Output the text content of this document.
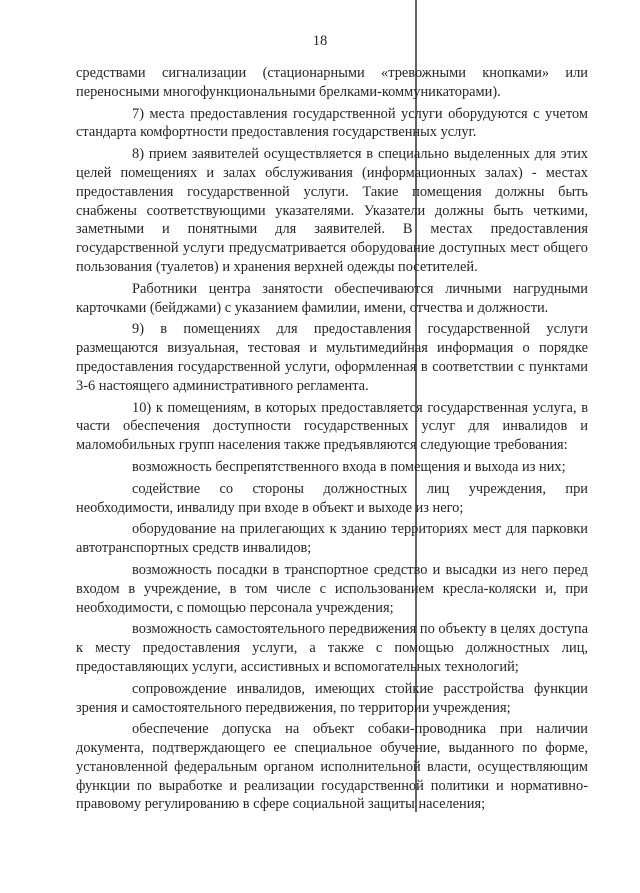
18

средствами сигнализации (стационарными «тревожными кнопками» или переносными многофункциональными брелками-коммуникаторами).

7) места предоставления государственной услуги оборудуются с учетом стандарта комфортности предоставления государственных услуг.

8) прием заявителей осуществляется в специально выделенных для этих целей помещениях и залах обслуживания (информационных залах) - местах предоставления государственной услуги. Такие помещения должны быть снабжены соответствующими указателями. Указатели должны быть четкими, заметными и понятными для заявителей. В местах предоставления государственной услуги предусматривается оборудование доступных мест общего пользования (туалетов) и хранения верхней одежды посетителей.

Работники центра занятости обеспечиваются личными нагрудными карточками (бейджами) с указанием фамилии, имени, отчества и должности.

9) в помещениях для предоставления государственной услуги размещаются визуальная, тестовая и мультимедийная информация о порядке предоставления государственной услуги, оформленная в соответствии с пунктами 3-6 настоящего административного регламента.

10) к помещениям, в которых предоставляется государственная услуга, в части обеспечения доступности государственных услуг для инвалидов и маломобильных групп населения также предъявляются следующие требования:

возможность беспрепятственного входа в помещения и выхода из них;

содействие со стороны должностных лиц учреждения, при необходимости, инвалиду при входе в объект и выходе из него;

оборудование на прилегающих к зданию территориях мест для парковки автотранспортных средств инвалидов;

возможность посадки в транспортное средство и высадки из него перед входом в учреждение, в том числе с использованием кресла-коляски и, при необходимости, с помощью персонала учреждения;

возможность самостоятельного передвижения по объекту в целях доступа к месту предоставления услуги, а также с помощью должностных лиц, предоставляющих услуги, ассистивных и вспомогательных технологий;

сопровождение инвалидов, имеющих стойкие расстройства функции зрения и самостоятельного передвижения, по территории учреждения;

обеспечение допуска на объект собаки-проводника при наличии документа, подтверждающего ее специальное обучение, выданного по форме, установленной федеральным органом исполнительной власти, осуществляющим функции по выработке и реализации государственной политики и нормативно-правовому регулированию в сфере социальной защиты населения;
